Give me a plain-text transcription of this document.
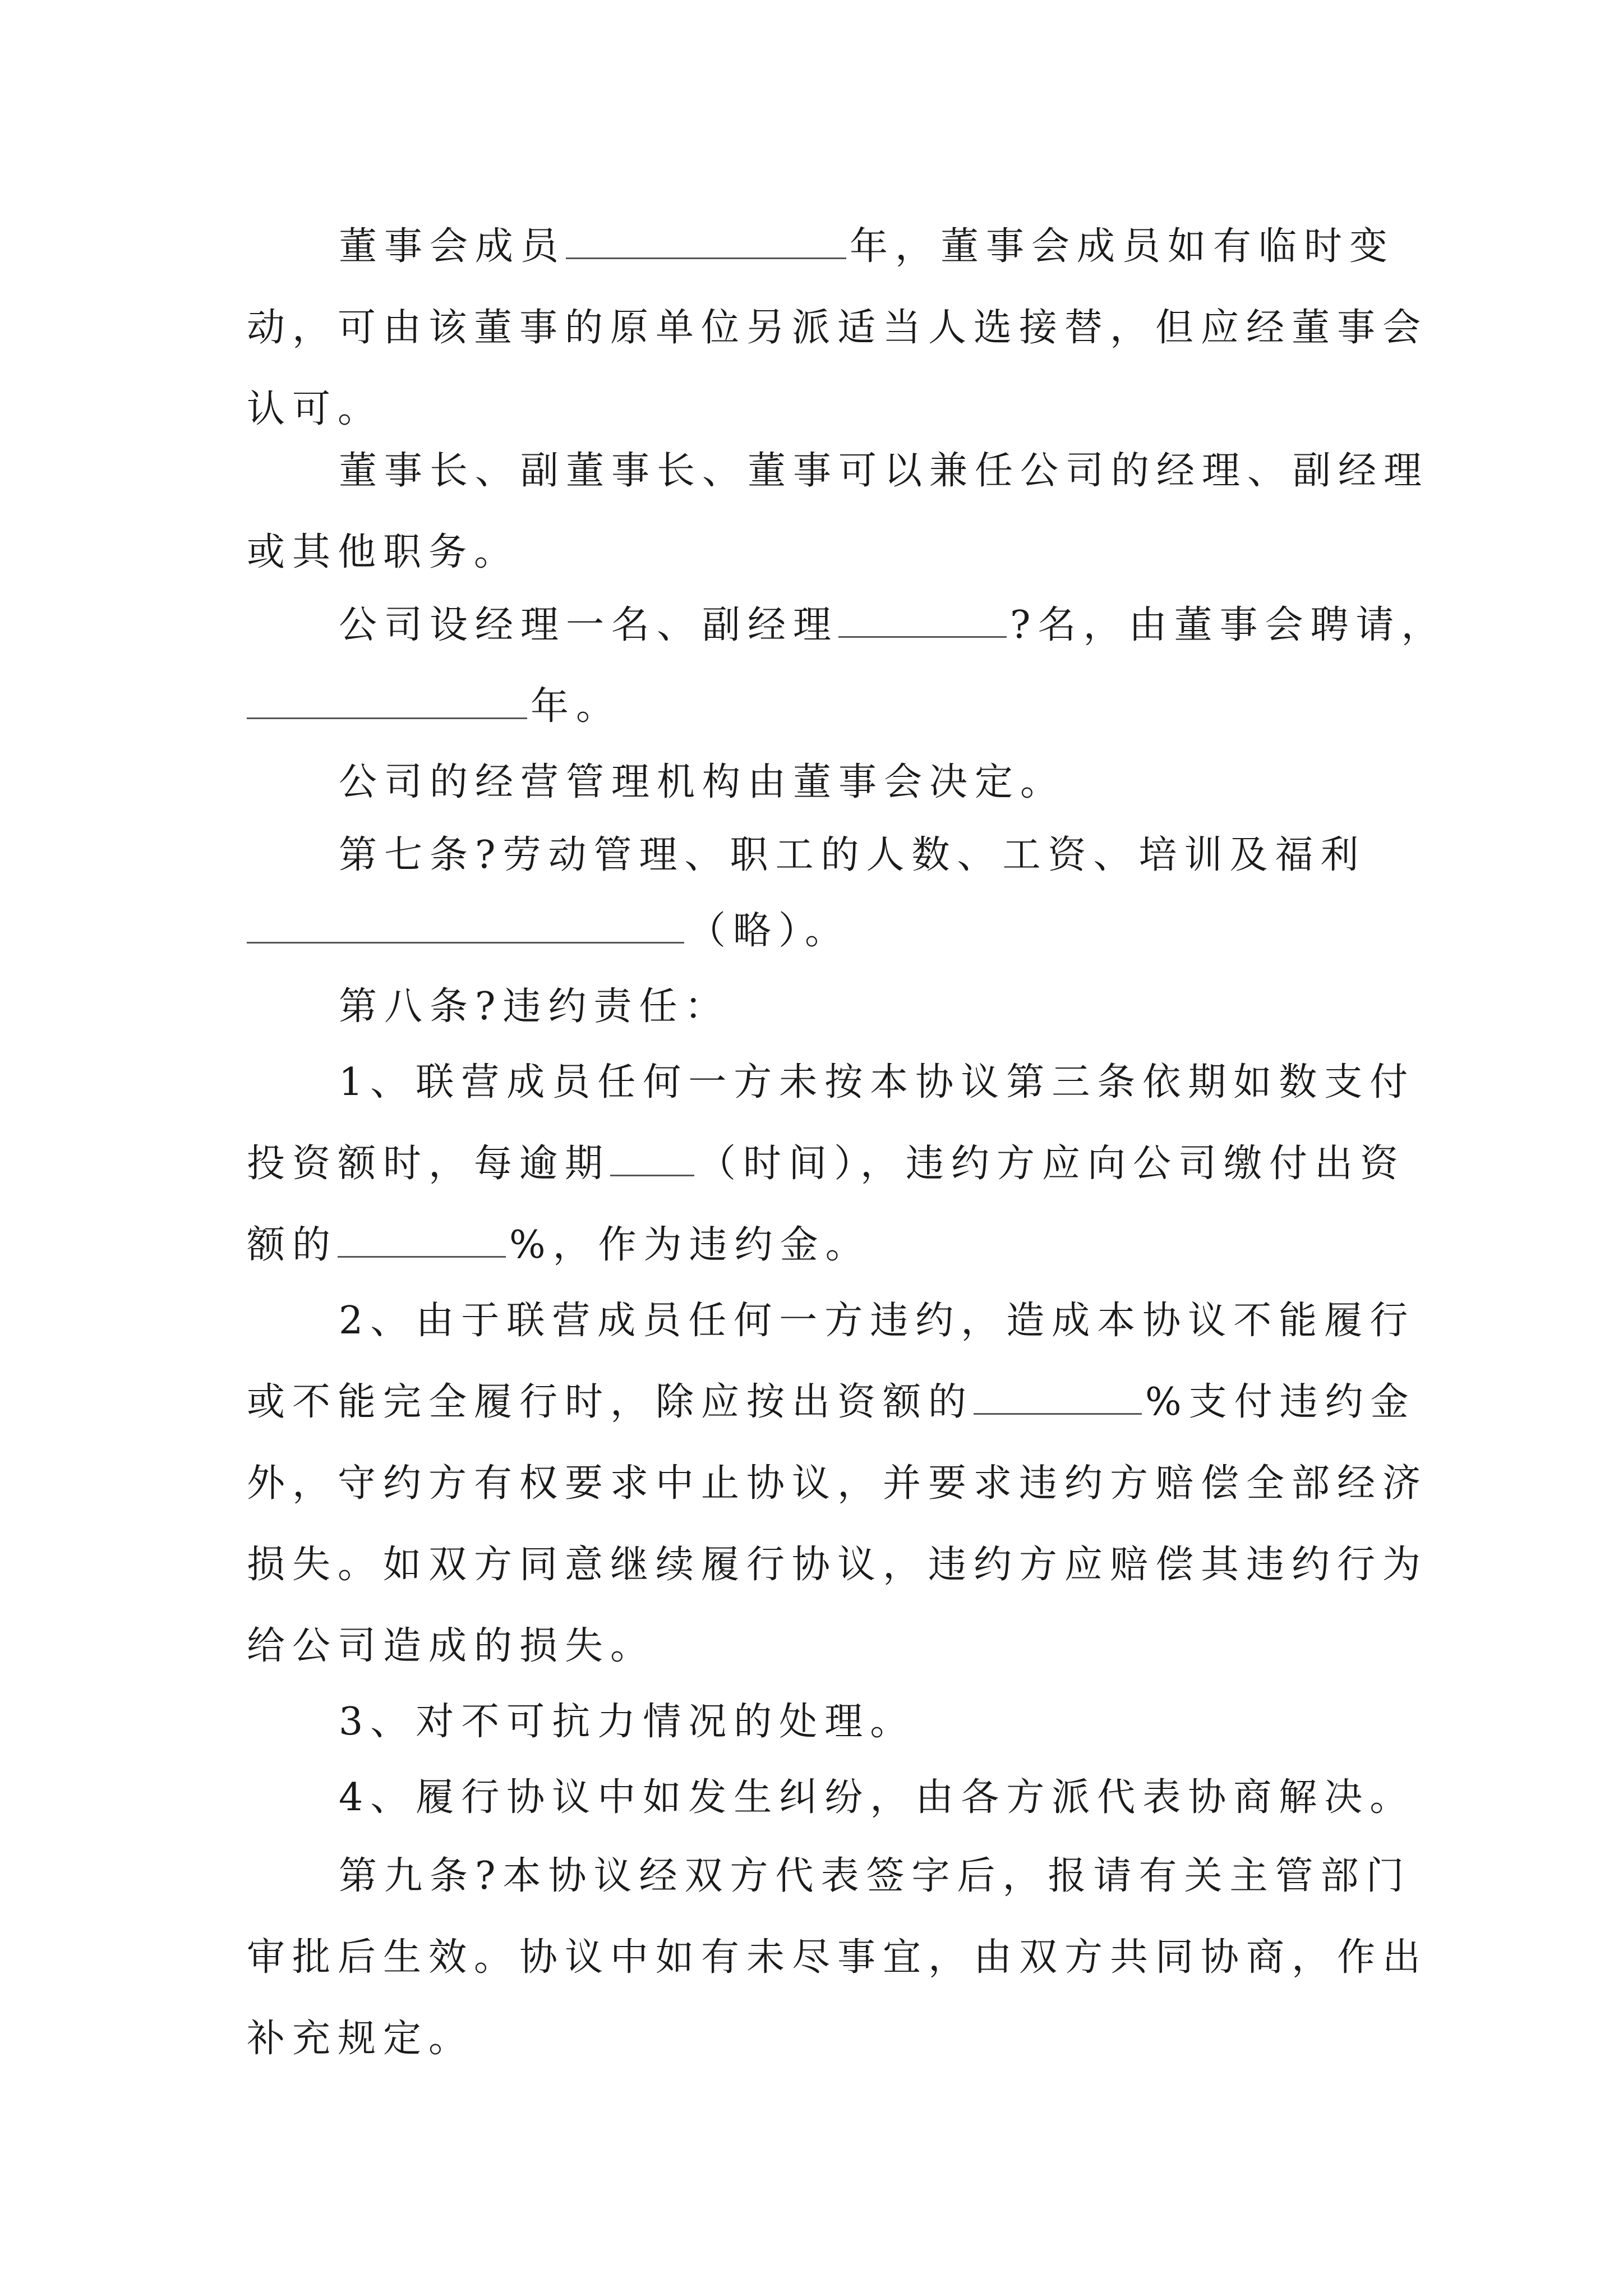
董事会成员	年，董事会成员如有临时变
动，可由该董事的原单位另派适当人选接替，但应经董事会
认可。
董事长、副董事长、董事可以兼任公司的经理、副经理
或其他职务。
公司设经理一名、副经理	?名，由董事会聘请，
年。
公司的经营管理机构由董事会决定。
第七条?劳动管理、职工的人数、工资、培训及福利
（略）。
第八条?违约责任：
1、联营成员任何一方未按本协议第三条依期如数支付
投资额时，每逾期 （时间），违约方应向公司缴付出资
额的	%，作为违约金。
2、由于联营成员任何一方违约，造成本协议不能履行
或不能完全履行时，除应按出资额的	%支付违约金
外，守约方有权要求中止协议，并要求违约方赔偿全部经济
损失。如双方同意继续履行协议，违约方应赔偿其违约行为
给公司造成的损失。
3、对不可抗力情况的处理。
4、履行协议中如发生纠纷，由各方派代表协商解决。
第九条?本协议经双方代表签字后，报请有关主管部门
审批后生效。协议中如有未尽事宜，由双方共同协商，作出
补充规定。
